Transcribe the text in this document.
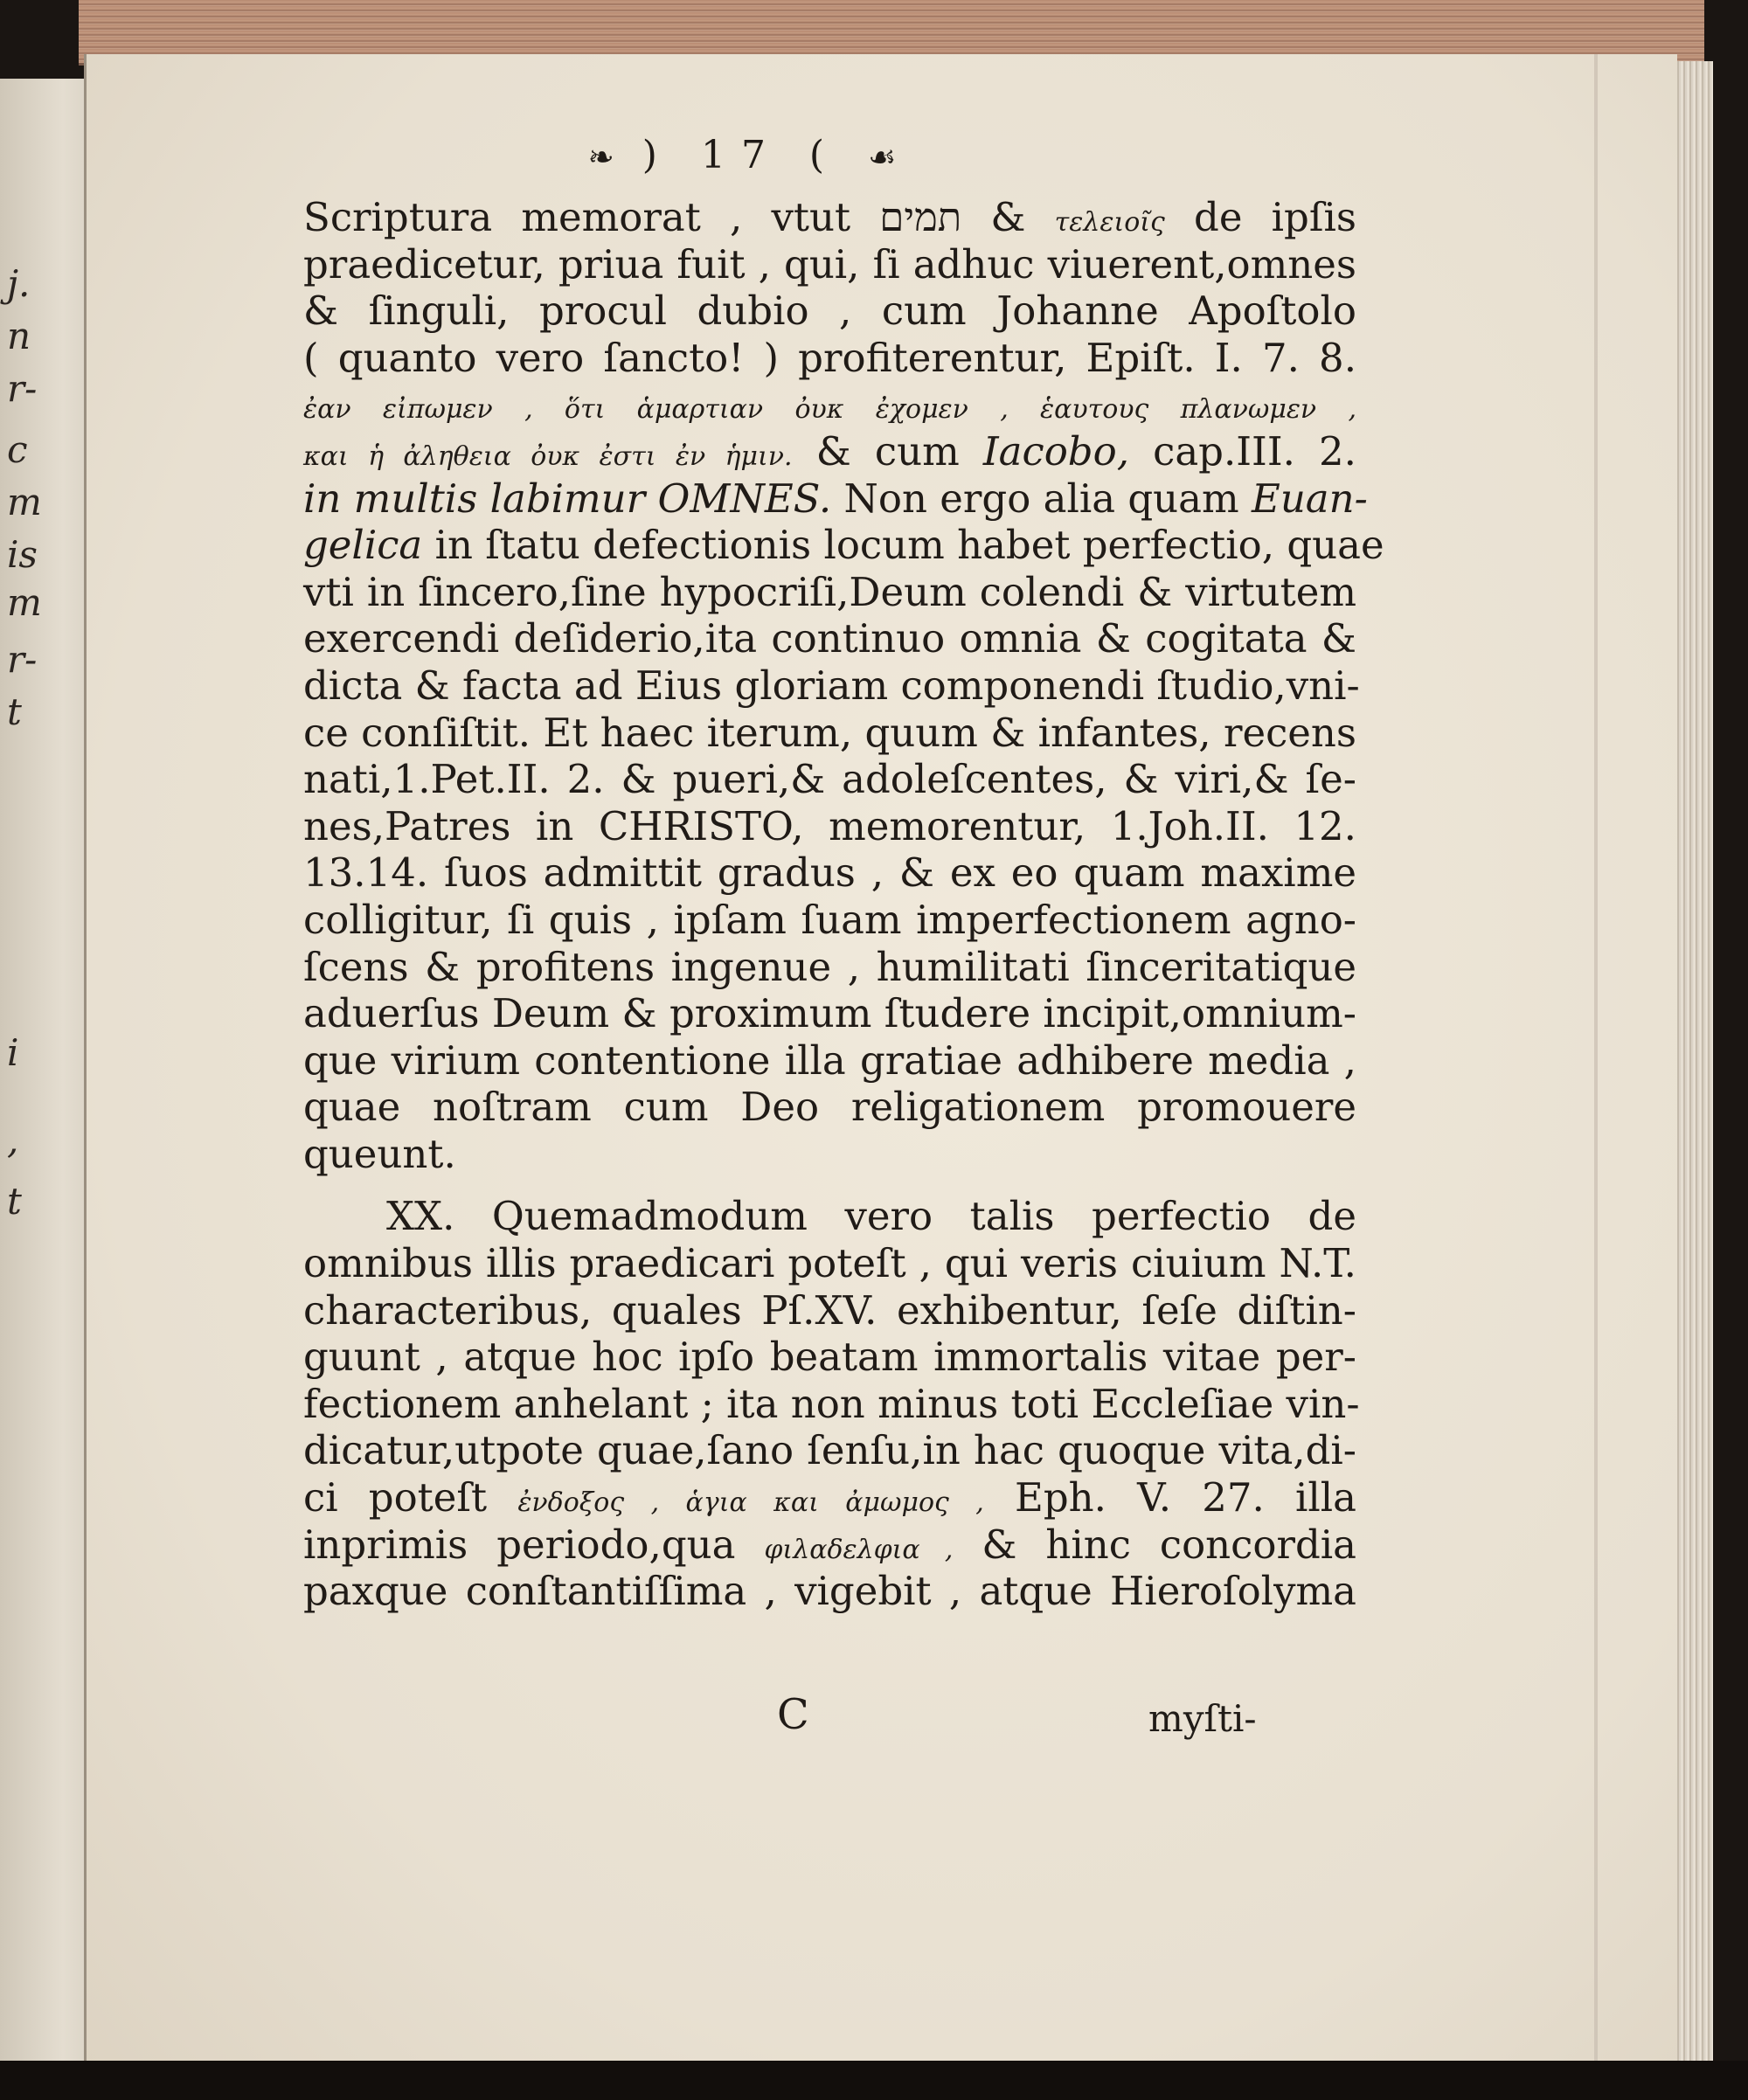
j.
n
r-
c
m
is
m
r-
t
i
,
t
❧ ) 17 ( ☙
Scriptura memorat , vtut תמים & τελειοῖς de ipſis
praedicetur, priua fuit , qui, ſi adhuc viuerent,omnes
& ſinguli, procul dubio , cum Johanne Apoſtolo
( quanto vero ſancto! ) profiterentur, Epiſt. I. 7. 8.
ἐαν εἰπωμεν , ὅτι ἁμαρτιαν ὀυκ ἐχομεν , ἑαυτους πλανωμεν ,
και ἡ ἀληθεια ὀυκ ἐστι ἐν ἡμιν. & cum Iacobo, cap.III. 2.
in multis labimur OMNES. Non ergo alia quam Euan-
gelica in ſtatu defectionis locum habet perfectio, quae
vti in ſincero,ſine hypocriſi,Deum colendi & virtutem
exercendi deſiderio,ita continuo omnia & cogitata &
dicta & facta ad Eius gloriam componendi ſtudio,vni-
ce conſiſtit. Et haec iterum, quum & infantes, recens
nati,1.Pet.II. 2. & pueri,& adoleſcentes, & viri,& ſe-
nes,Patres in CHRISTO, memorentur, 1.Joh.II. 12.
13.14. ſuos admittit gradus , & ex eo quam maxime
colligitur, ſi quis , ipſam ſuam imperfectionem agno-
ſcens & profitens ingenue , humilitati ſinceritatique
aduerſus Deum & proximum ſtudere incipit,omnium-
que virium contentione illa gratiae adhibere media ,
quae noſtram cum Deo religationem promouere
queunt.
XX. Quemadmodum vero talis perfectio de
omnibus illis praedicari poteſt , qui veris ciuium N.T.
characteribus, quales Pſ.XV. exhibentur, ſeſe diſtin-
guunt , atque hoc ipſo beatam immortalis vitae per-
fectionem anhelant ; ita non minus toti Eccleſiae vin-
dicatur,utpote quae,ſano ſenſu,in hac quoque vita,di-
ci poteſt ἐνδοξος , ἁγια και ἀμωμος , Eph. V. 27. illa
inprimis periodo,qua φιλαδελφια , & hinc concordia
paxque conſtantiſſima , vigebit , atque Hieroſolyma
C	myſti-
